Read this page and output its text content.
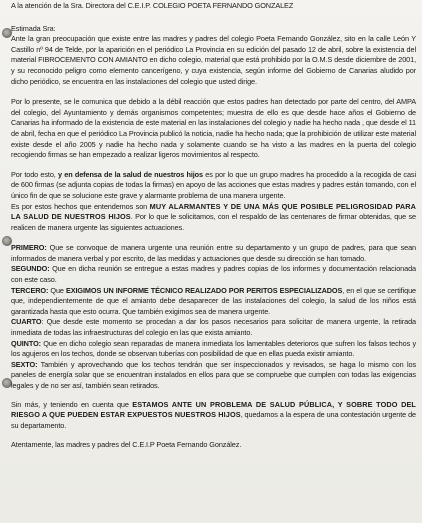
A la atención de la Sra. Directora del C.E.I.P. COLEGIO POETA FERNANDO GONZALEZ

Estimada Sra:

Ante la gran preocupación que existe entre las madres y padres del colegio Poeta Fernando González, sito en la calle León Y Castillo nº 94 de Telde, por la aparición en el periódico La Provincia en su edición del pasado 12 de abril, sobre la existencia del material FIBROCEMENTO CON AMIANTO en dicho colegio, material que está prohibido por la O.M.S desde diciembre de 2001, y su reconocido peligro como elemento cancerígeno, y cuya existencia, según informe del Gobierno de Canarias aludido por dicho periódico, se encuentra en las instalaciones del colegio que usted dirige.

Por lo presente, se le comunica que debido a la débil reacción que estos padres han detectado por parte del centro, del AMPA del colegio, del Ayuntamiento y demás organismos competentes; muestra de ello es que desde hace años el Gobierno de Canarias ha informado de la existencia de este material en las instalaciones del colegio y nadie ha hecho nada , que desde el 11 de abril, fecha en que el periódico La Provincia publicó la noticia, nadie ha hecho nada; que la prohibición de utilizar este material existe desde el año 2005 y nadie ha hecho nada y solamente cuando se ha visto a las madres en la puerta del colegio recogiendo firmas se han empezado a realizar ligeros movimientos al respecto.

Por todo esto, y en defensa de la salud de nuestros hijos es por lo que un grupo madres ha procedido a la recogida de casi de 600 firmas (se adjunta copias de todas la firmas) en apoyo de las acciones que estas madres y padres están tomando, con el único fin de que se solucione este grave y alarmante problema de una manera urgente.

Es por estos hechos que entendemos son MUY ALARMANTES Y DE UNA MÁS QUE POSIBLE PELIGROSIDAD PARA LA SALUD DE NUESTROS HIJOS. Por lo que le solicitamos, con el respaldo de las centenares de firmar obtenidas, que se realicen de manera urgente las siguientes actuaciones.

PRIMERO: Que se convoque de manera urgente una reunión entre su departamento y un grupo de padres, para que sean informados de manera verbal y por escrito, de las medidas y actuaciones que desde su dirección se han tomado.

SEGUNDO: Que en dicha reunión se entregue a estas madres y padres copias de los informes y documentación relacionada con este caso.

TERCERO: Que EXIGIMOS UN INFORME TÉCNICO REALIZADO POR PERITOS ESPECIALIZADOS, en el que se certifique que, independientemente de que el amianto debe desaparecer de las instalaciones del colegio, la salud de los niños está garantizada hasta que esto ocurra. Que también exigimos sea de manera urgente.

CUARTO: Que desde este momento se procedan a dar los pasos necesarios para solicitar de manera urgente, la retirada inmediata de todas las infraestructuras del colegio en las que exista amianto.

QUINTO: Que en dicho colegio sean reparadas de manera inmediata los lamentables deterioros que sufren los falsos techos y los agujeros en los techos, donde se observan tuberías con posibilidad de que en ellas pueda existir amianto.

SEXTO: También y aprovechando que los techos tendrán que ser inspeccionados y revisados, se haga lo mismo con los paneles de energía solar que se encuentran instalados en ellos para que se compruebe que cumplen con todas las exigencias legales y de no ser así, también sean retirados.

Sin más, y teniendo en cuenta que ESTAMOS ANTE UN PROBLEMA DE SALUD PÚBLICA, Y SOBRE TODO DEL RIESGO A QUE PUEDEN ESTAR EXPUESTOS NUESTROS HIJOS, quedamos a la espera de una contestación urgente de su departamento.

Atentamente, las madres y padres del C.E.I.P Poeta Fernando González.
